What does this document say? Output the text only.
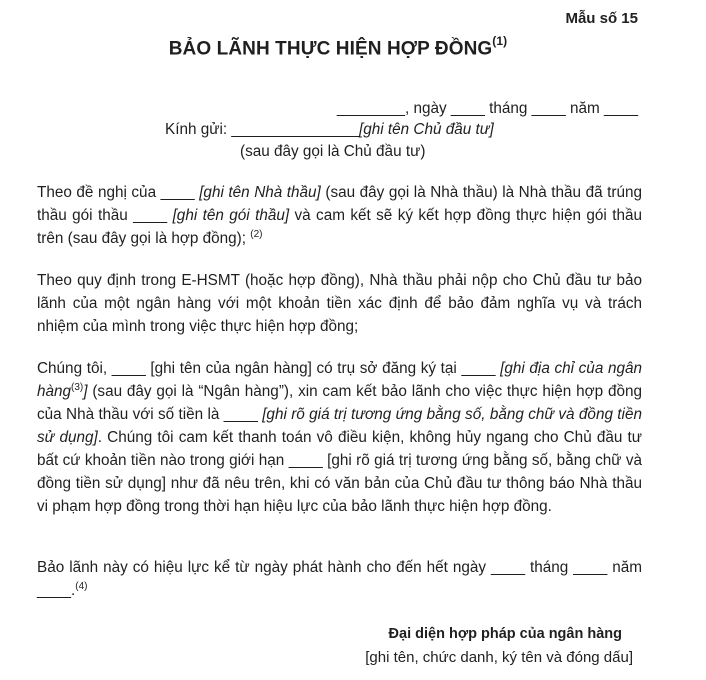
Mẫu số 15
BẢO LÃNH THỰC HIỆN HỢP ĐỒNG$^{(1)}$
________, ngày ____ tháng ____ năm ____
Kính gửi: _______________[ghi tên Chủ đầu tư]
(sau đây gọi là Chủ đầu tư)
Theo đề nghị của ____ [ghi tên Nhà thầu] (sau đây gọi là Nhà thầu) là Nhà thầu đã trúng thầu gói thầu ____ [ghi tên gói thầu] và cam kết sẽ ký kết hợp đồng thực hiện gói thầu trên (sau đây gọi là hợp đồng); $^{(2)}$
Theo quy định trong E-HSMT (hoặc hợp đồng), Nhà thầu phải nộp cho Chủ đầu tư bảo lãnh của một ngân hàng với một khoản tiền xác định để bảo đảm nghĩa vụ và trách nhiệm của mình trong việc thực hiện hợp đồng;
Chúng tôi, ____ [ghi tên của ngân hàng] có trụ sở đăng ký tại ____ [ghi địa chỉ của ngân hàng$^{(3)}$] (sau đây gọi là “Ngân hàng”), xin cam kết bảo lãnh cho việc thực hiện hợp đồng của Nhà thầu với số tiền là ____ [ghi rõ giá trị tương ứng bằng số, bằng chữ và đồng tiền sử dụng]. Chúng tôi cam kết thanh toán vô điều kiện, không hủy ngang cho Chủ đầu tư bất cứ khoản tiền nào trong giới hạn ____ [ghi rõ giá trị tương ứng bằng số, bằng chữ và đồng tiền sử dụng] như đã nêu trên, khi có văn bản của Chủ đầu tư thông báo Nhà thầu vi phạm hợp đồng trong thời hạn hiệu lực của bảo lãnh thực hiện hợp đồng.
Bảo lãnh này có hiệu lực kể từ ngày phát hành cho đến hết ngày ____ tháng ____ năm ____.$^{(4)}$
Đại diện hợp pháp của ngân hàng
[ghi tên, chức danh, ký tên và đóng dấu]
